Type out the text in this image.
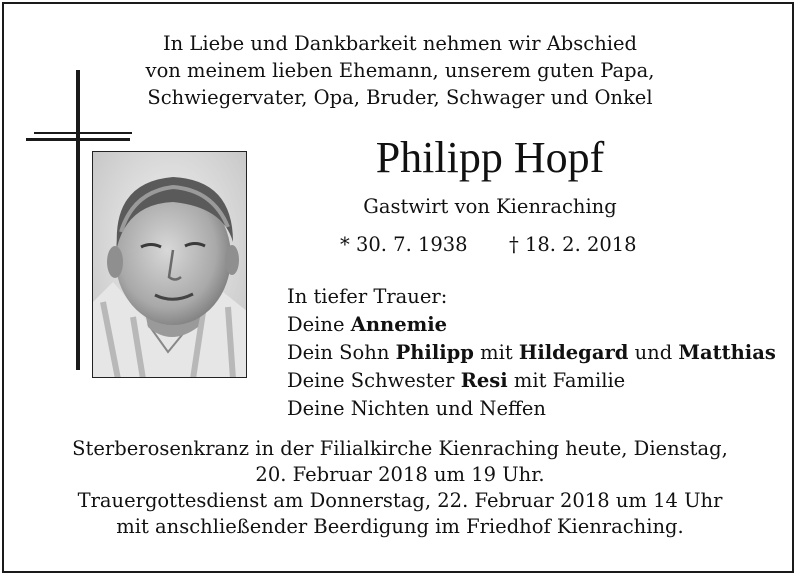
In Liebe und Dankbarkeit nehmen wir Abschied
von meinem lieben Ehemann, unserem guten Papa,
Schwiegervater, Opa, Bruder, Schwager und Onkel
Philipp Hopf
Gastwirt von Kienraching
* 30. 7. 1938 † 18. 2. 2018
In tiefer Trauer:
Deine Annemie
Dein Sohn Philipp mit Hildegard und Matthias
Deine Schwester Resi mit Familie
Deine Nichten und Neffen
Sterberosenkranz in der Filialkirche Kienraching heute, Dienstag,
20. Februar 2018 um 19 Uhr.
Trauergottesdienst am Donnerstag, 22. Februar 2018 um 14 Uhr
mit anschließender Beerdigung im Friedhof Kienraching.
